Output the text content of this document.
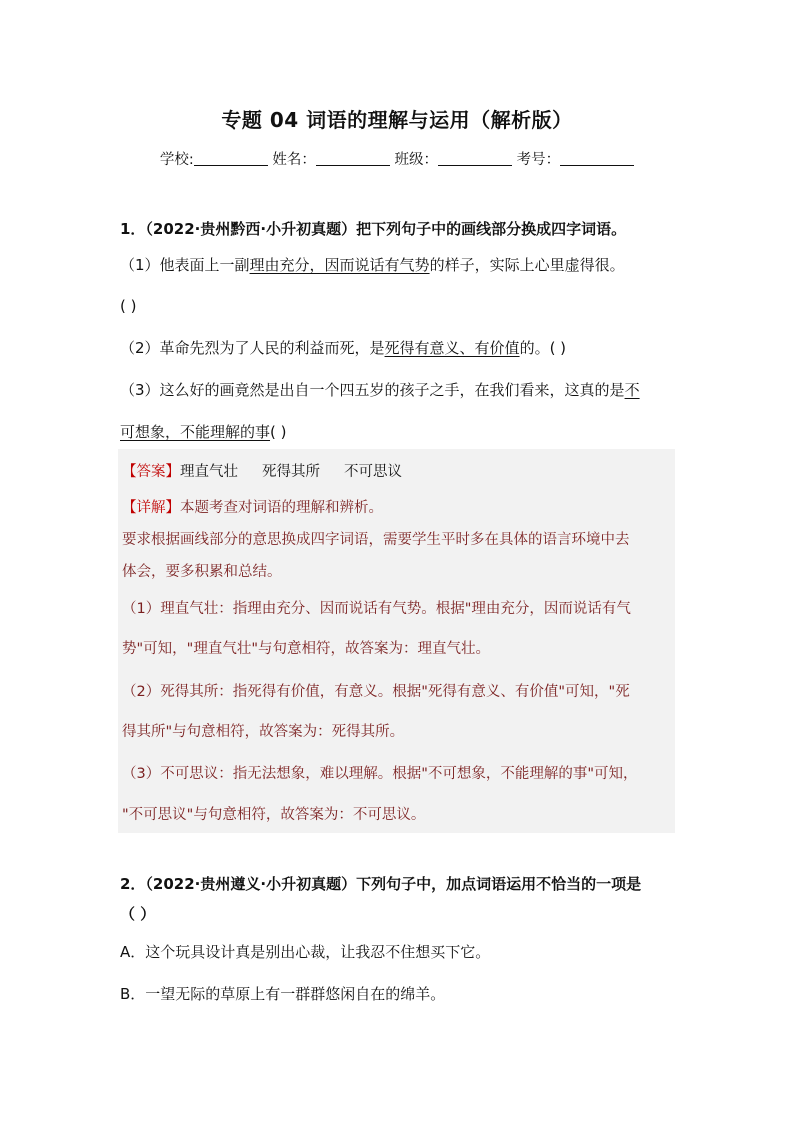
专题 04 词语的理解与运用（解析版）
学校:	姓名：	班级：	考号：
1．（2022·贵州黔西·小升初真题）把下列句子中的画线部分换成四字词语。
（1）他表面上一副理由充分，因而说话有气势的样子，实际上心里虚得很。
( )
（2）革命先烈为了人民的利益而死，是死得有意义、有价值的。( )
（3）这么好的画竟然是出自一个四五岁的孩子之手，在我们看来，这真的是不
可想象，不能理解的事( )
【答案】理直气壮 死得其所 不可思议
【详解】本题考查对词语的理解和辨析。
要求根据画线部分的意思换成四字词语，需要学生平时多在具体的语言环境中去
体会，要多积累和总结。
（1）理直气壮：指理由充分、因而说话有气势。根据"理由充分，因而说话有气
势"可知，"理直气壮"与句意相符，故答案为：理直气壮。
（2）死得其所：指死得有价值，有意义。根据"死得有意义、有价值"可知，"死
得其所"与句意相符，故答案为：死得其所。
（3）不可思议：指无法想象，难以理解。根据"不可想象，不能理解的事"可知，
"不可思议"与句意相符，故答案为：不可思议。
2．（2022·贵州遵义·小升初真题）下列句子中，加点词语运用不恰当的一项是
（ ）
A．这个玩具设计真是别出心裁，让我忍不住想买下它。
B．一望无际的草原上有一群群悠闲自在的绵羊。
